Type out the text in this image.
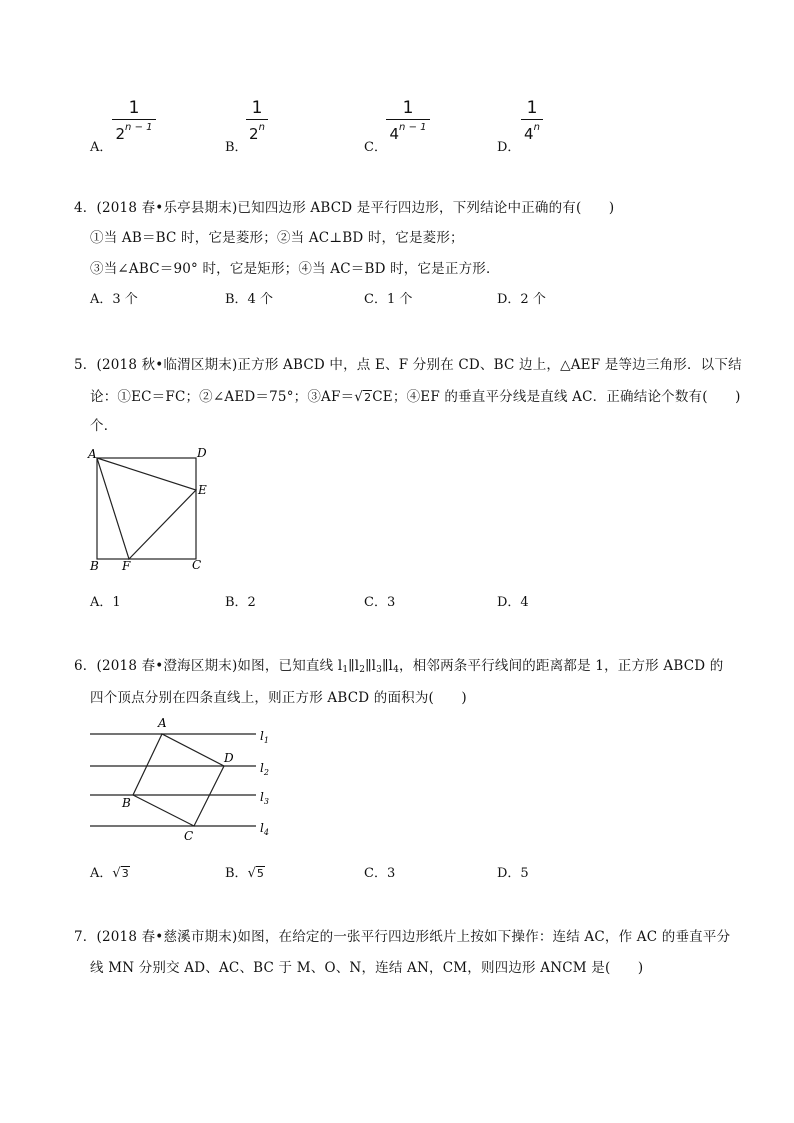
A．
1
$2^{n - 1}$
B．
1
2$^n$
C．
1
$4^{n - 1}$
D．
1
4$^n$
4．(2018 春•乐亭县期末)已知四边形 ABCD 是平行四边形，下列结论中正确的有(　　)
①当 AB＝BC 时，它是菱形；②当 AC⊥BD 时，它是菱形；
③当∠ABC＝90° 时，它是矩形；④当 AC＝BD 时，它是正方形．
A．3 个	B．4 个	C．1 个	D．2 个
5．(2018 秋•临渭区期末)正方形 ABCD 中，点 E、F 分别在 CD、BC 边上，△AEF 是等边三角形．以下结
论：①EC＝FC；②∠AED＝75°；③AF＝√2CE；④EF 的垂直平分线是直线 AC．正确结论个数有(　　)
个．
A	D
E
B F	C
A．1	B．2	C．3	D．4
6．(2018 春•澄海区期末)如图，已知直线 $l_1\parallel l_2\parallel l_3\parallel l_4$，相邻两条平行线间的距离都是 1，正方形 ABCD 的
四个顶点分别在四条直线上，则正方形 ABCD 的面积为(　　)
A
D
B
C
$l_1$
$l_2$
$l_3$
$l_4$
A．√3	B．√5	C．3	D．5
7．(2018 春•慈溪市期末)如图，在给定的一张平行四边形纸片上按如下操作：连结 AC，作 AC 的垂直平分
线 MN 分别交 AD、AC、BC 于 M、O、N，连结 AN，CM，则四边形 ANCM 是(　　)
